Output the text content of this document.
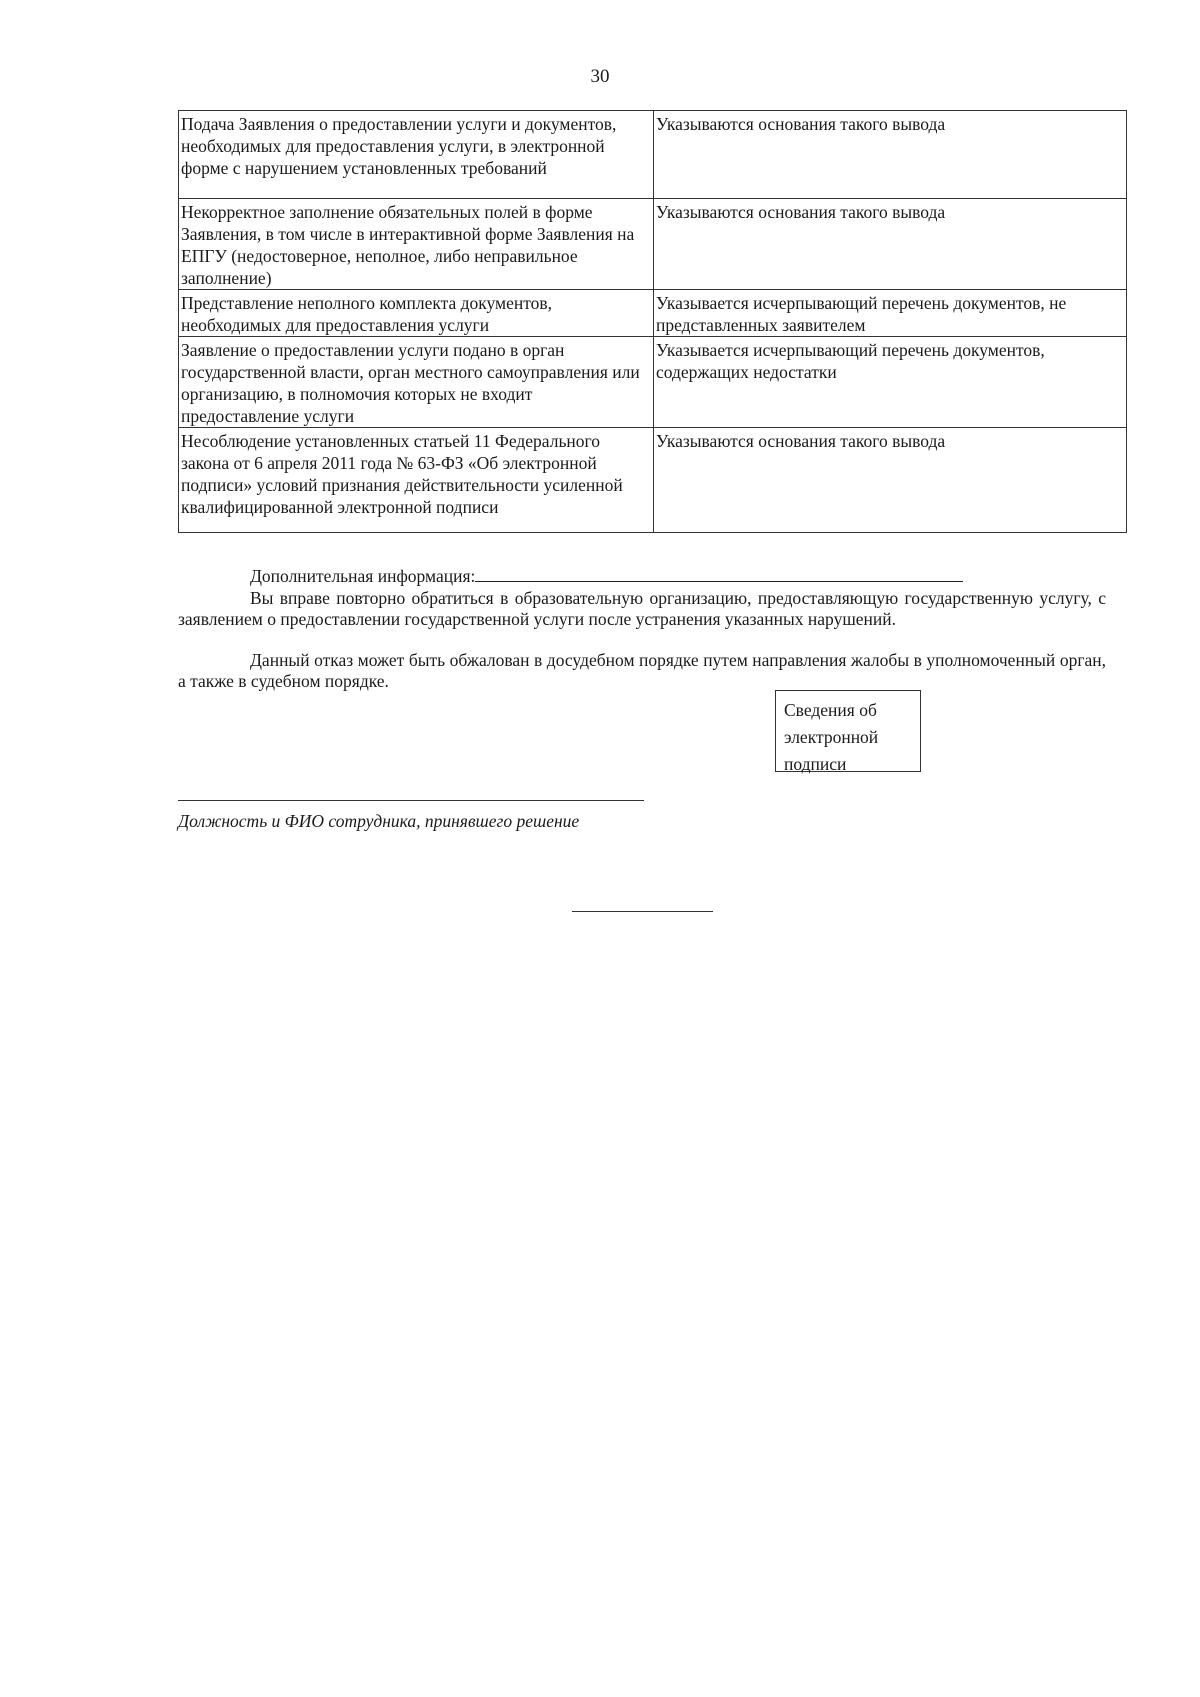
30
Подача Заявления о предоставлении услуги и документов, необходимых для предоставления услуги, в электронной форме с нарушением установленных требований	Указываются основания такого вывода
Некорректное заполнение обязательных полей в форме Заявления, в том числе в интерактивной форме Заявления на ЕПГУ (недостоверное, неполное, либо неправильное заполнение)	Указываются основания такого вывода
Представление неполного комплекта документов, необходимых для предоставления услуги	Указывается исчерпывающий перечень документов, не представленных заявителем
Заявление о предоставлении услуги подано в орган государственной власти, орган местного самоуправления или организацию, в полномочия которых не входит предоставление услуги	Указывается исчерпывающий перечень документов, содержащих недостатки
Несоблюдение установленных статьей 11 Федерального закона от 6 апреля 2011 года № 63-ФЗ «Об электронной подписи» условий признания действительности усиленной квалифицированной электронной подписи	Указываются основания такого вывода
Дополнительная информация:
Вы вправе повторно обратиться в образовательную организацию, предоставляющую государственную услугу, с заявлением о предоставлении государственной услуги после устранения указанных нарушений.
Данный отказ может быть обжалован в досудебном порядке путем направления жалобы в уполномоченный орган, а также в судебном порядке.
Сведения об
электронной
подписи
Должность и ФИО сотрудника, принявшего решение
